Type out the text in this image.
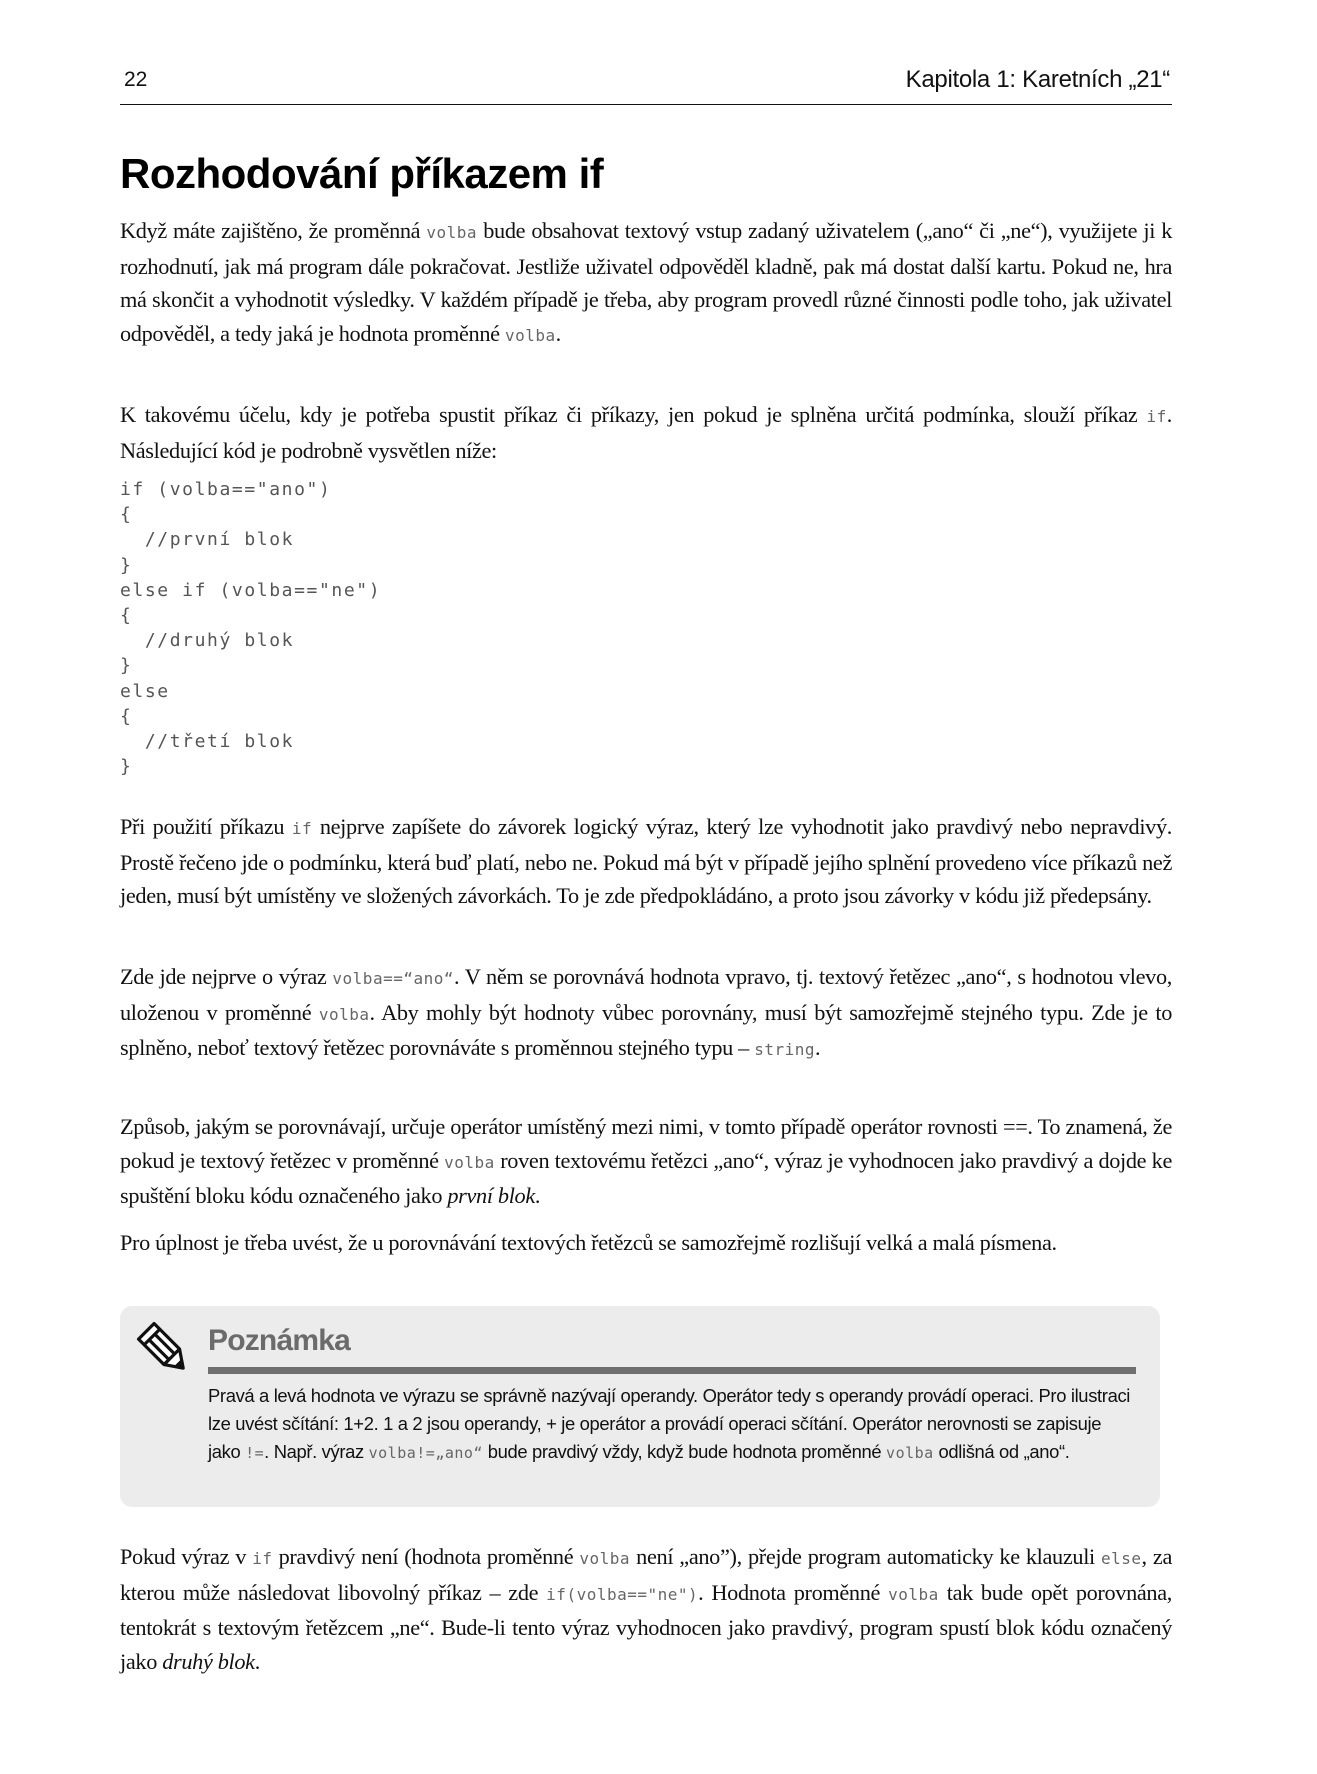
22	Kapitola 1: Karetních „21“
Rozhodování příkazem if

Když máte zajištěno, že proměnná volba bude obsahovat textový vstup zadaný uživatelem („ano“ či „ne“), využijete ji k rozhodnutí, jak má program dále pokračovat. Jestliže uživatel odpověděl kladně, pak má dostat další kartu. Pokud ne, hra má skončit a vyhodnotit výsledky. V každém případě je třeba, aby program provedl různé činnosti podle toho, jak uživatel odpověděl, a tedy jaká je hodnota proměnné volba.

K takovému účelu, kdy je potřeba spustit příkaz či příkazy, jen pokud je splněna určitá podmínka, slouží příkaz if. Následující kód je podrobně vysvětlen níže:

if (volba=="ano")
{
//první blok
}
else if (volba=="ne")
{
//druhý blok
}
else
{
//třetí blok
}

Při použití příkazu if nejprve zapíšete do závorek logický výraz, který lze vyhodnotit jako pravdivý nebo nepravdivý. Prostě řečeno jde o podmínku, která buď platí, nebo ne. Pokud má být v případě jejího splnění provedeno více příkazů než jeden, musí být umístěny ve složených závorkách. To je zde předpokládáno, a proto jsou závorky v kódu již předepsány.

Zde jde nejprve o výraz volba==“ano“. V něm se porovnává hodnota vpravo, tj. textový řetězec „ano“, s hodnotou vlevo, uloženou v proměnné volba. Aby mohly být hodnoty vůbec porovnány, musí být samozřejmě stejného typu. Zde je to splněno, neboť textový řetězec porovnáváte s proměnnou stejného typu – string.

Způsob, jakým se porovnávají, určuje operátor umístěný mezi nimi, v tomto případě operátor rovnosti ==. To znamená, že pokud je textový řetězec v proměnné volba roven textovému řetězci „ano“, výraz je vyhodnocen jako pravdivý a dojde ke spuštění bloku kódu označeného jako první blok.

Pro úplnost je třeba uvést, že u porovnávání textových řetězců se samozřejmě rozlišují velká a malá písmena.

Poznámka

Pravá a levá hodnota ve výrazu se správně nazývají operandy. Operátor tedy s operandy provádí operaci. Pro ilustraci lze uvést sčítání: 1+2. 1 a 2 jsou operandy, + je operátor a provádí operaci sčítání. Operátor nerovnosti se zapisuje jako !=. Např. výraz volba!=„ano“ bude pravdivý vždy, když bude hodnota proměnné volba odlišná od „ano“.

Pokud výraz v if pravdivý není (hodnota proměnné volba není „ano”), přejde program automaticky ke klauzuli else, za kterou může následovat libovolný příkaz – zde if(volba=="ne"). Hodnota proměnné volba tak bude opět porovnána, tentokrát s textovým řetězcem „ne“. Bude-li tento výraz vyhodnocen jako pravdivý, program spustí blok kódu označený jako druhý blok.
